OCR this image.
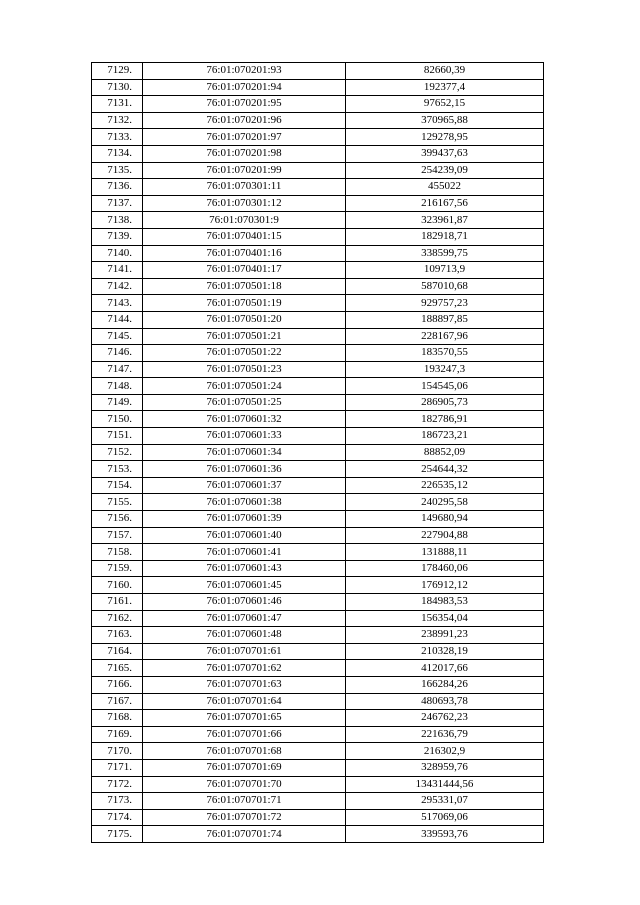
7129.	76:01:070201:93	82660,39
7130.	76:01:070201:94	192377,4
7131.	76:01:070201:95	97652,15
7132.	76:01:070201:96	370965,88
7133.	76:01:070201:97	129278,95
7134.	76:01:070201:98	399437,63
7135.	76:01:070201:99	254239,09
7136.	76:01:070301:11	455022
7137.	76:01:070301:12	216167,56
7138.	76:01:070301:9	323961,87
7139.	76:01:070401:15	182918,71
7140.	76:01:070401:16	338599,75
7141.	76:01:070401:17	109713,9
7142.	76:01:070501:18	587010,68
7143.	76:01:070501:19	929757,23
7144.	76:01:070501:20	188897,85
7145.	76:01:070501:21	228167,96
7146.	76:01:070501:22	183570,55
7147.	76:01:070501:23	193247,3
7148.	76:01:070501:24	154545,06
7149.	76:01:070501:25	286905,73
7150.	76:01:070601:32	182786,91
7151.	76:01:070601:33	186723,21
7152.	76:01:070601:34	88852,09
7153.	76:01:070601:36	254644,32
7154.	76:01:070601:37	226535,12
7155.	76:01:070601:38	240295,58
7156.	76:01:070601:39	149680,94
7157.	76:01:070601:40	227904,88
7158.	76:01:070601:41	131888,11
7159.	76:01:070601:43	178460,06
7160.	76:01:070601:45	176912,12
7161.	76:01:070601:46	184983,53
7162.	76:01:070601:47	156354,04
7163.	76:01:070601:48	238991,23
7164.	76:01:070701:61	210328,19
7165.	76:01:070701:62	412017,66
7166.	76:01:070701:63	166284,26
7167.	76:01:070701:64	480693,78
7168.	76:01:070701:65	246762,23
7169.	76:01:070701:66	221636,79
7170.	76:01:070701:68	216302,9
7171.	76:01:070701:69	328959,76
7172.	76:01:070701:70	13431444,56
7173.	76:01:070701:71	295331,07
7174.	76:01:070701:72	517069,06
7175.	76:01:070701:74	339593,76
